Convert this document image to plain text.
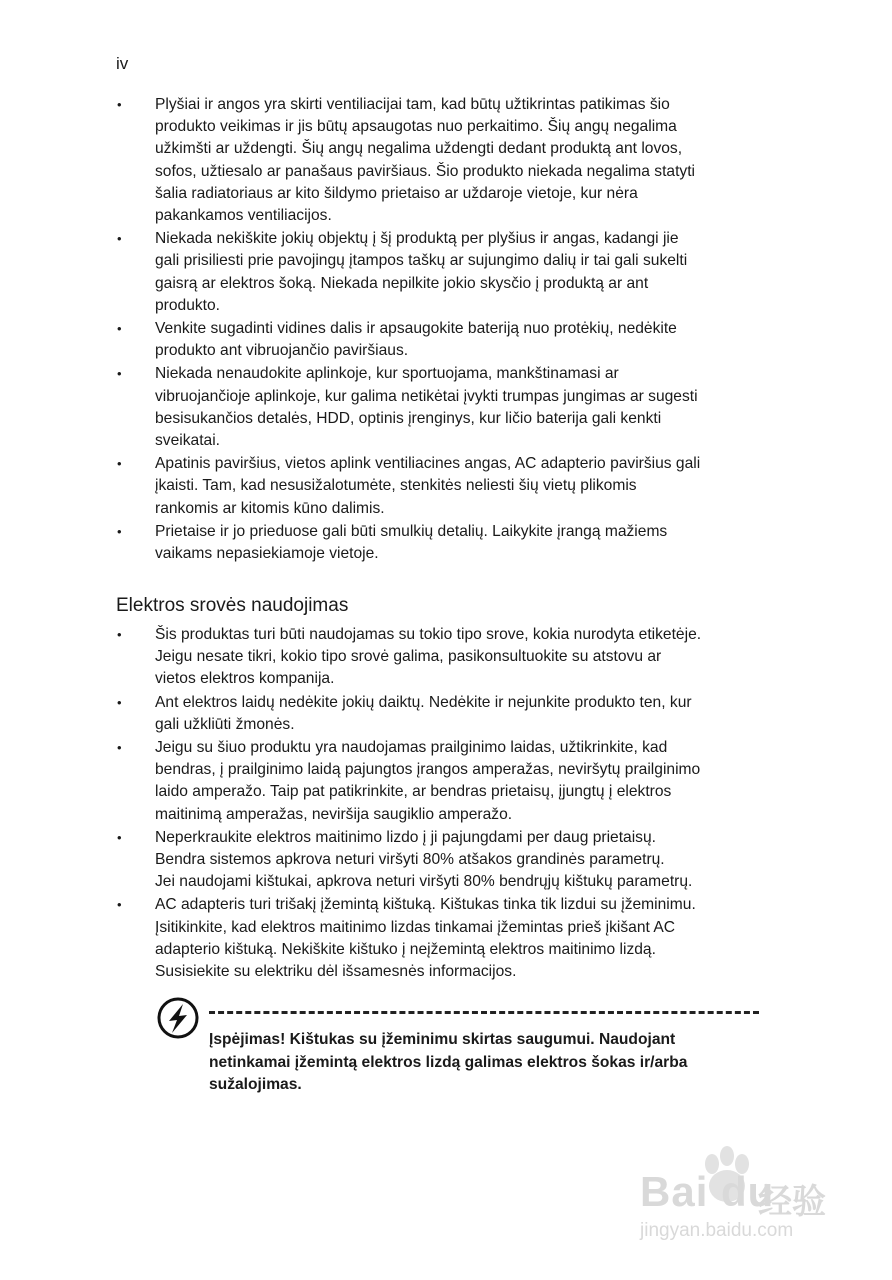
iv
• Plyšiai ir angos yra skirti ventiliacijai tam, kad būtų užtikrintas patikimas šio
produkto veikimas ir jis būtų apsaugotas nuo perkaitimo. Šių angų negalima
užkimšti ar uždengti. Šių angų negalima uždengti dedant produktą ant lovos,
sofos, užtiesalo ar panašaus paviršiaus. Šio produkto niekada negalima statyti
šalia radiatoriaus ar kito šildymo prietaiso ar uždaroje vietoje, kur nėra
pakankamos ventiliacijos.
• Niekada nekiškite jokių objektų į šį produktą per plyšius ir angas, kadangi jie
gali prisiliesti prie pavojingų įtampos taškų ar sujungimo dalių ir tai gali sukelti
gaisrą ar elektros šoką. Niekada nepilkite jokio skysčio į produktą ar ant
produkto.
• Venkite sugadinti vidines dalis ir apsaugokite bateriją nuo protėkių, nedėkite
produkto ant vibruojančio paviršiaus.
• Niekada nenaudokite aplinkoje, kur sportuojama, mankštinamasi ar
vibruojančioje aplinkoje, kur galima netikėtai įvykti trumpas jungimas ar sugesti
besisukančios detalės, HDD, optinis įrenginys, kur ličio baterija gali kenkti
sveikatai.
• Apatinis paviršius, vietos aplink ventiliacines angas, AC adapterio paviršius gali
įkaisti. Tam, kad nesusižalotumėte, stenkitės neliesti šių vietų plikomis
rankomis ar kitomis kūno dalimis.
• Prietaise ir jo prieduose gali būti smulkių detalių. Laikykite įrangą mažiems
vaikams nepasiekiamoje vietoje.
Elektros srovės naudojimas
• Šis produktas turi būti naudojamas su tokio tipo srove, kokia nurodyta etiketėje.
Jeigu nesate tikri, kokio tipo srovė galima, pasikonsultuokite su atstovu ar
vietos elektros kompanija.
• Ant elektros laidų nedėkite jokių daiktų. Nedėkite ir nejunkite produkto ten, kur
gali užkliūti žmonės.
• Jeigu su šiuo produktu yra naudojamas prailginimo laidas, užtikrinkite, kad
bendras, į prailginimo laidą pajungtos įrangos amperažas, neviršytų prailginimo
laido amperažo. Taip pat patikrinkite, ar bendras prietaisų, įjungtų į elektros
maitinimą amperažas, neviršija saugiklio amperažo.
• Neperkraukite elektros maitinimo lizdo į ji pajungdami per daug prietaisų.
Bendra sistemos apkrova neturi viršyti 80% atšakos grandinės parametrų.
Jei naudojami kištukai, apkrova neturi viršyti 80% bendrųjų kištukų parametrų.
• AC adapteris turi trišakį įžemintą kištuką. Kištukas tinka tik lizdui su įžeminimu.
Įsitikinkite, kad elektros maitinimo lizdas tinkamai įžemintas prieš įkišant AC
adapterio kištuką. Nekiškite kištuko į neįžemintą elektros maitinimo lizdą.
Susisiekite su elektriku dėl išsamesnės informacijos.
Įspėjimas! Kištukas su įžeminimu skirtas saugumui. Naudojant
netinkamai įžemintą elektros lizdą galimas elektros šokas ir/arba
sužalojimas.
Bai du
经验
jingyan.baidu.com
